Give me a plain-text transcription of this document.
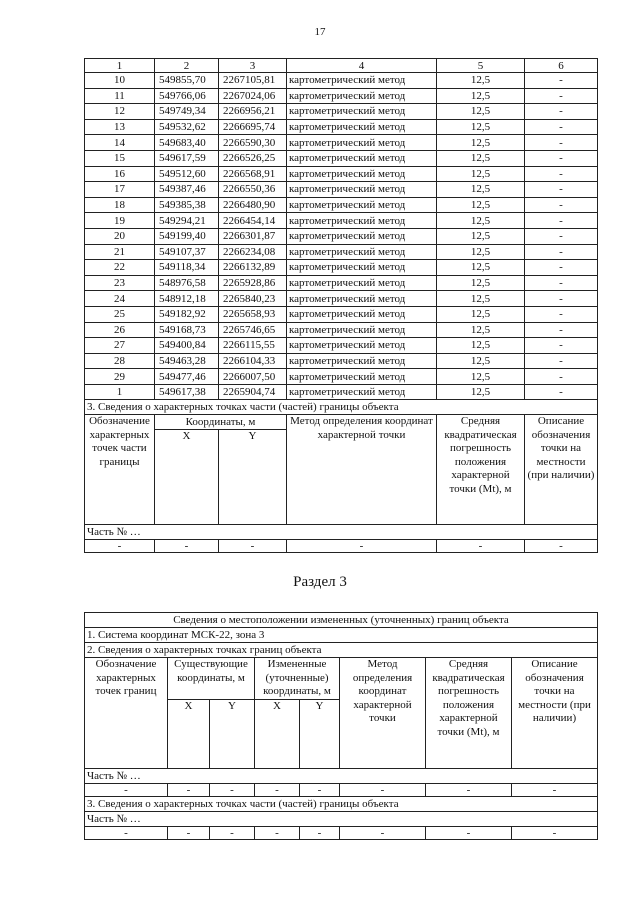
17
1	2	3	4	5	6
10	549855,70	2267105,81	картометрический метод	12,5	-
11	549766,06	2267024,06	картометрический метод	12,5	-
12	549749,34	2266956,21	картометрический метод	12,5	-
13	549532,62	2266695,74	картометрический метод	12,5	-
14	549683,40	2266590,30	картометрический метод	12,5	-
15	549617,59	2266526,25	картометрический метод	12,5	-
16	549512,60	2266568,91	картометрический метод	12,5	-
17	549387,46	2266550,36	картометрический метод	12,5	-
18	549385,38	2266480,90	картометрический метод	12,5	-
19	549294,21	2266454,14	картометрический метод	12,5	-
20	549199,40	2266301,87	картометрический метод	12,5	-
21	549107,37	2266234,08	картометрический метод	12,5	-
22	549118,34	2266132,89	картометрический метод	12,5	-
23	548976,58	2265928,86	картометрический метод	12,5	-
24	548912,18	2265840,23	картометрический метод	12,5	-
25	549182,92	2265658,93	картометрический метод	12,5	-
26	549168,73	2265746,65	картометрический метод	12,5	-
27	549400,84	2266115,55	картометрический метод	12,5	-
28	549463,28	2266104,33	картометрический метод	12,5	-
29	549477,46	2266007,50	картометрический метод	12,5	-
1	549617,38	2265904,74	картометрический метод	12,5	-
3. Сведения о характерных точках части (частей) границы объекта					
Обозначение характерных точек части границы	Координаты, м		Метод определения координат характерной точки	Средняя квадратическая погрешность положения характерной точки (Mt), м	Описание обозначения точки на местности (при наличии)
	X	Y			
Часть № …					
-	-	-	-	-	-
Раздел 3
Сведения о местоположении измененных (уточненных) границ объекта							
1. Система координат МСК-22, зона 3							
2. Сведения о характерных точках границ объекта							
Обозначение характерных точек границ	Существующие координаты, м		Измененные (уточненные) координаты, м		Метод определения координат характерной точки	Средняя квадратическая погрешность положения характерной точки (Mt), м	Описание обозначения точки на местности (при наличии)
	X	Y	X	Y			
Часть № …							
-	-	-	-	-	-	-	-
3. Сведения о характерных точках части (частей) границы объекта							
Часть № …							
-	-	-	-	-	-	-	-
